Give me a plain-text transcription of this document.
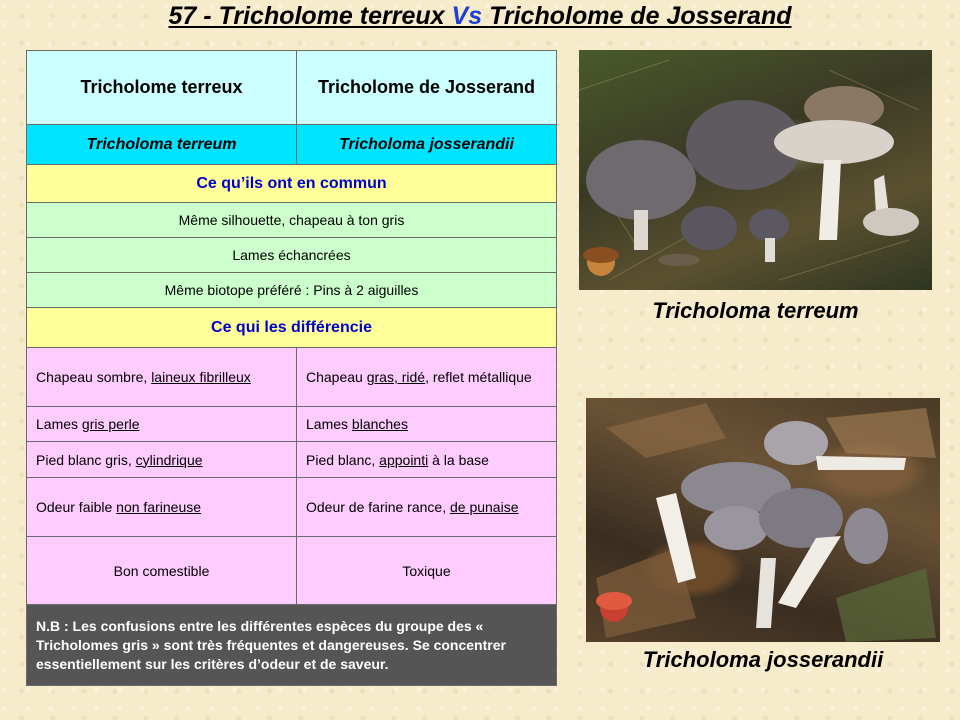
57 - Tricholome terreux Vs Tricholome de Josserand
Tricholome terreux	Tricholome de Josserand
Tricholoma terreum	Tricholoma josserandii
Ce qu’ils ont en commun	
Même silhouette, chapeau à ton gris	
Lames échancrées	
Même biotope préféré : Pins à 2 aiguilles	
Ce qui les différencie	
Chapeau sombre, laineux fibrilleux	Chapeau gras, ridé, reflet métallique
Lames gris perle	Lames blanches
Pied blanc gris, cylindrique	Pied blanc, appointi à la base
Odeur faible non farineuse	Odeur de farine rance, de punaise
Bon comestible	Toxique
N.B : Les confusions entre les différentes espèces du groupe des « Tricholomes gris » sont très fréquentes et dangereuses. Se concentrer essentiellement sur les critères d’odeur et de saveur.	
Tricholoma terreum
Tricholoma josserandii
